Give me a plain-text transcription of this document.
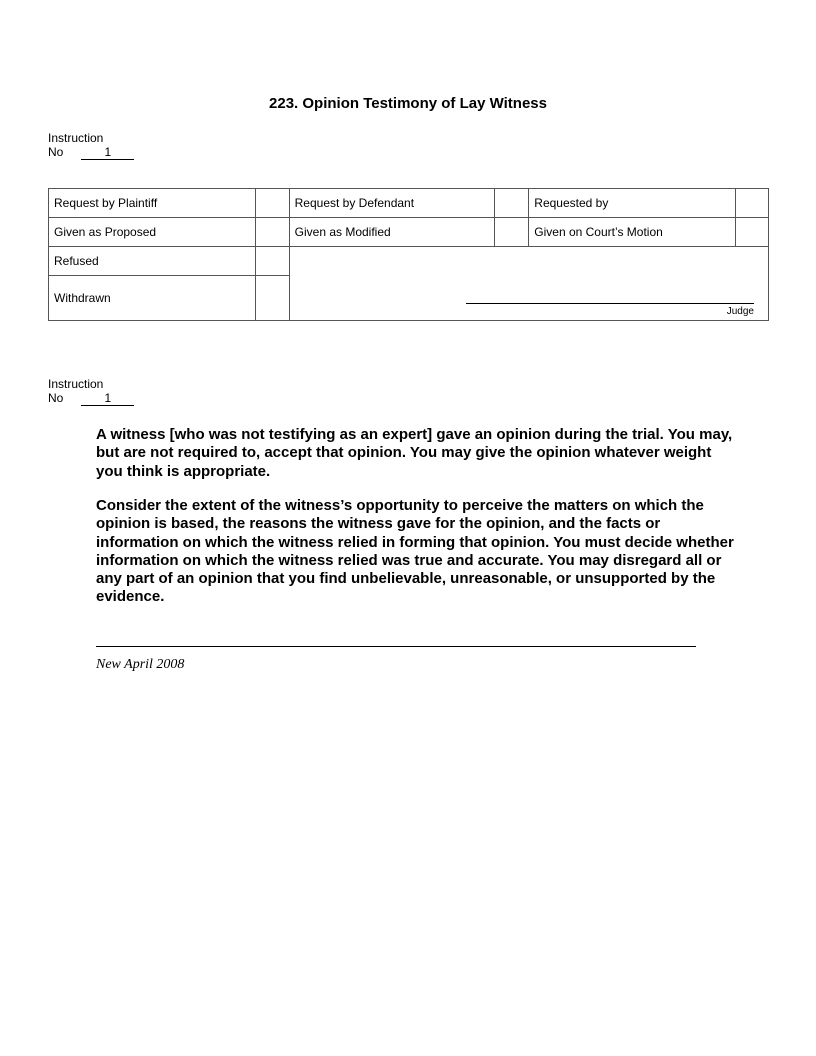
223. Opinion Testimony of Lay Witness
Instruction
No	1
Request by Plaintiff		Request by Defendant		Requested by	
Given as Proposed		Given as Modified		Given on Court’s Motion	
Refused		Judge			

Withdrawn					
Instruction
No	1

A witness [who was not testifying as an expert] gave an opinion during the trial. You may, but are not required to, accept that opinion. You may give the opinion whatever weight you think is appropriate.

Consider the extent of the witness’s opportunity to perceive the matters on which the opinion is based, the reasons the witness gave for the opinion, and the facts or information on which the witness relied in forming that opinion. You must decide whether information on which the witness relied was true and accurate. You may disregard all or any part of an opinion that you find unbelievable, unreasonable, or unsupported by the evidence.

New April 2008
